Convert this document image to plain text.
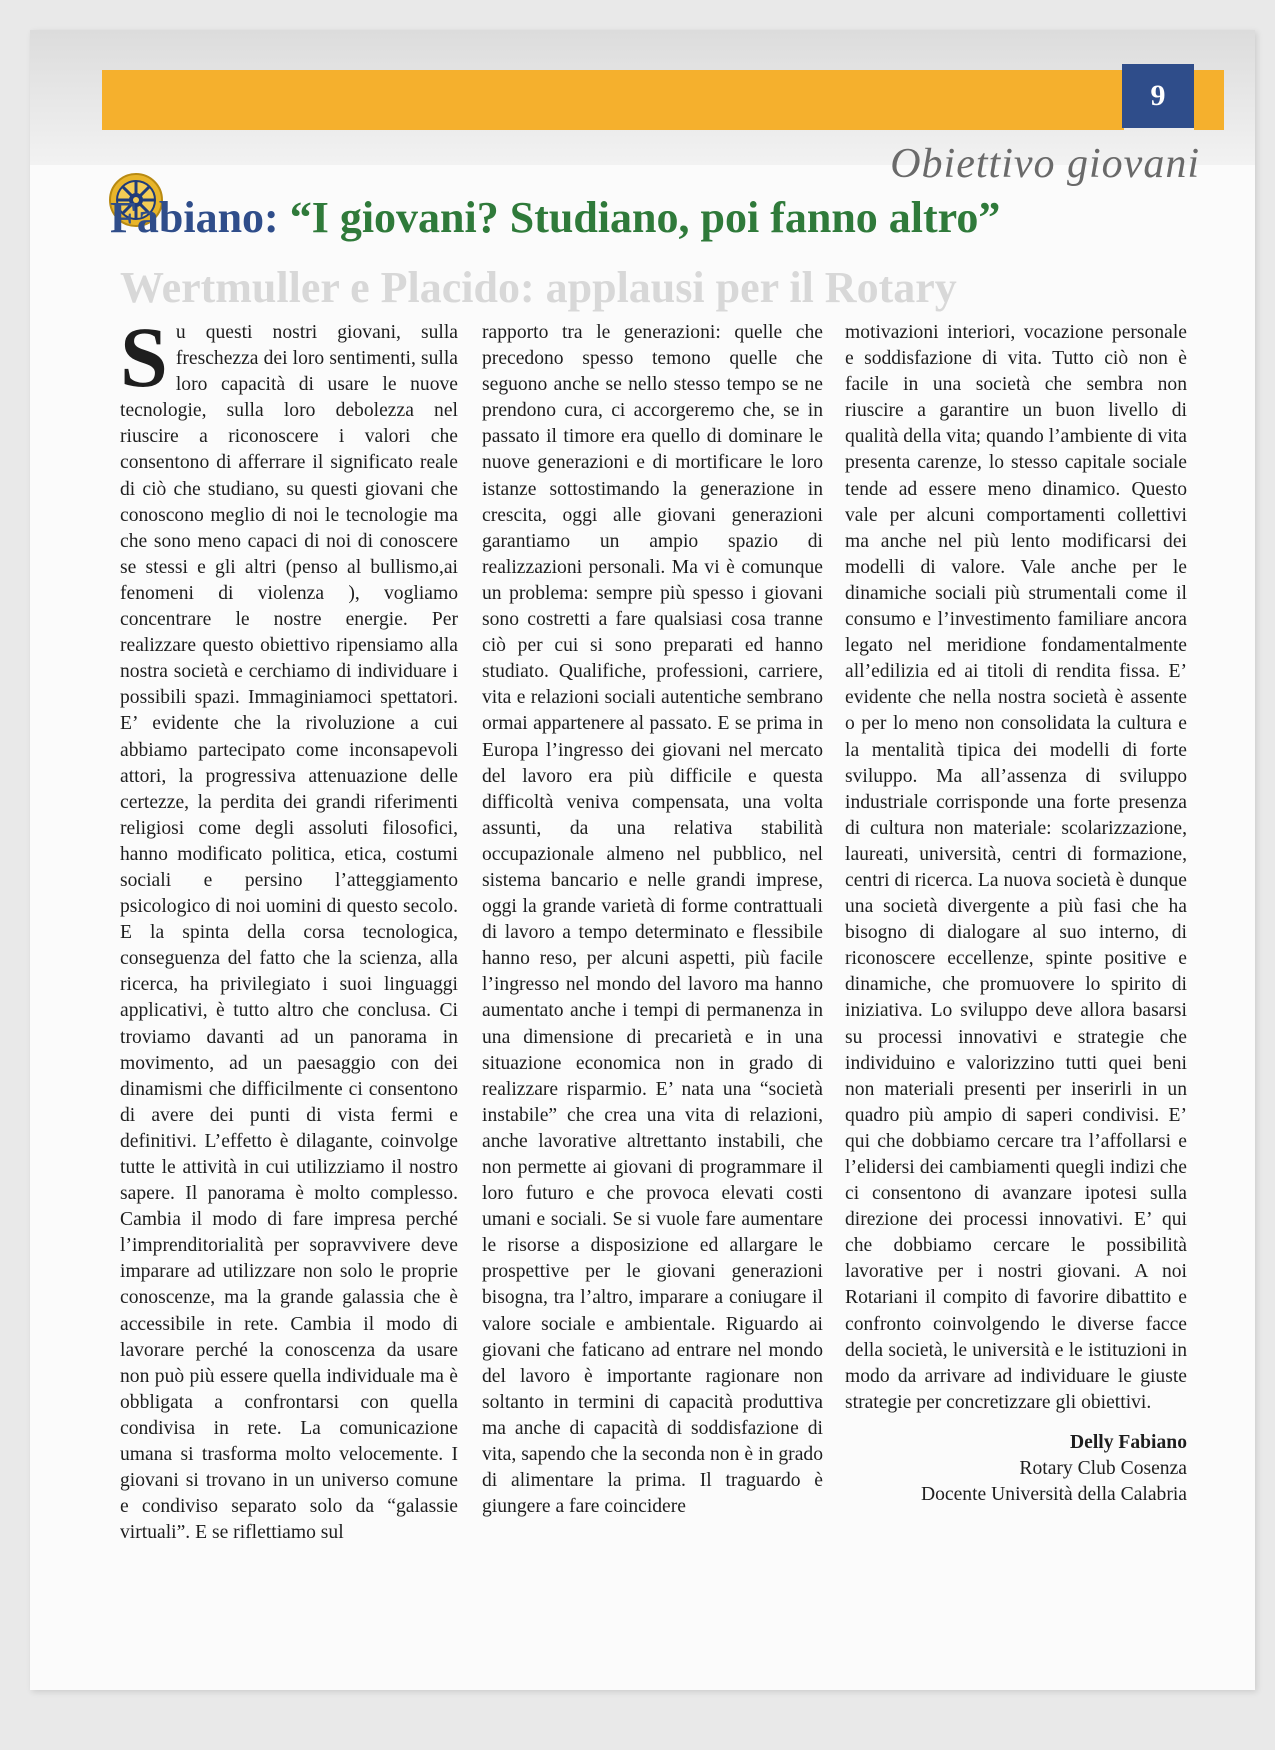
9
Obiettivo giovani
Wertmuller e Placido: applausi per il Rotary
Fabiano: “I giovani? Studiano, poi fanno altro”
Su questi nostri giovani, sulla freschezza dei loro sentimenti, sulla loro capacità di usare le nuove tecnologie, sulla loro debolezza nel riuscire a riconoscere i valori che consentono di afferrare il significato reale di ciò che studiano, su questi giovani che conoscono meglio di noi le tecnologie ma che sono meno capaci di noi di conoscere se stessi e gli altri (penso al bullismo,ai fenomeni di violenza ), vogliamo concentrare le nostre energie. Per realizzare questo obiettivo ripensiamo alla nostra società e cerchiamo di individuare i possibili spazi. Immaginiamoci spettatori. E’ evidente che la rivoluzione a cui abbiamo partecipato come inconsapevoli attori, la progressiva attenuazione delle certezze, la perdita dei grandi riferimenti religiosi come degli assoluti filosofici, hanno modificato politica, etica, costumi sociali e persino l’atteggiamento psicologico di noi uomini di questo secolo. E la spinta della corsa tecnologica, conseguenza del fatto che la scienza, alla ricerca, ha privilegiato i suoi linguaggi applicativi, è tutto altro che conclusa. Ci troviamo davanti ad un panorama in movimento, ad un paesaggio con dei dinamismi che difficilmente ci consentono di avere dei punti di vista fermi e definitivi. L’effetto è dilagante, coinvolge tutte le attività in cui utilizziamo il nostro sapere. Il panorama è molto complesso. Cambia il modo di fare impresa perché l’imprenditorialità per sopravvivere deve imparare ad utilizzare non solo le proprie conoscenze, ma la grande galassia che è accessibile in rete. Cambia il modo di lavorare perché la conoscenza da usare non può più essere quella individuale ma è obbligata a confrontarsi con quella condivisa in rete. La comunicazione umana si trasforma molto velocemente. I giovani si trovano in un universo comune e condiviso separato solo da “galassie virtuali”. E se riflettiamo sul
rapporto tra le generazioni: quelle che precedono spesso temono quelle che seguono anche se nello stesso tempo se ne prendono cura, ci accorgeremo che, se in passato il timore era quello di dominare le nuove generazioni e di mortificare le loro istanze sottostimando la generazione in crescita, oggi alle giovani generazioni garantiamo un ampio spazio di realizzazioni personali. Ma vi è comunque un problema: sempre più spesso i giovani sono costretti a fare qualsiasi cosa tranne ciò per cui si sono preparati ed hanno studiato. Qualifiche, professioni, carriere, vita e relazioni sociali autentiche sembrano ormai appartenere al passato. E se prima in Europa l’ingresso dei giovani nel mercato del lavoro era più difficile e questa difficoltà veniva compensata, una volta assunti, da una relativa stabilità occupazionale almeno nel pubblico, nel sistema bancario e nelle grandi imprese, oggi la grande varietà di forme contrattuali di lavoro a tempo determinato e flessibile hanno reso, per alcuni aspetti, più facile l’ingresso nel mondo del lavoro ma hanno aumentato anche i tempi di permanenza in una dimensione di precarietà e in una situazione economica non in grado di realizzare risparmio. E’ nata una “società instabile” che crea una vita di relazioni, anche lavorative altrettanto instabili, che non permette ai giovani di programmare il loro futuro e che provoca elevati costi umani e sociali. Se si vuole fare aumentare le risorse a disposizione ed allargare le prospettive per le giovani generazioni bisogna, tra l’altro, imparare a coniugare il valore sociale e ambientale. Riguardo ai giovani che faticano ad entrare nel mondo del lavoro è importante ragionare non soltanto in termini di capacità produttiva ma anche di capacità di soddisfazione di vita, sapendo che la seconda non è in grado di alimentare la prima. Il traguardo è giungere a fare coincidere
motivazioni interiori, vocazione personale e soddisfazione di vita. Tutto ciò non è facile in una società che sembra non riuscire a garantire un buon livello di qualità della vita; quando l’ambiente di vita presenta carenze, lo stesso capitale sociale tende ad essere meno dinamico. Questo vale per alcuni comportamenti collettivi ma anche nel più lento modificarsi dei modelli di valore. Vale anche per le dinamiche sociali più strumentali come il consumo e l’investimento familiare ancora legato nel meridione fondamentalmente all’edilizia ed ai titoli di rendita fissa. E’ evidente che nella nostra società è assente o per lo meno non consolidata la cultura e la mentalità tipica dei modelli di forte sviluppo. Ma all’assenza di sviluppo industriale corrisponde una forte presenza di cultura non materiale: scolarizzazione, laureati, università, centri di formazione, centri di ricerca. La nuova società è dunque una società divergente a più fasi che ha bisogno di dialogare al suo interno, di riconoscere eccellenze, spinte positive e dinamiche, che promuovere lo spirito di iniziativa. Lo sviluppo deve allora basarsi su processi innovativi e strategie che individuino e valorizzino tutti quei beni non materiali presenti per inserirli in un quadro più ampio di saperi condivisi. E’ qui che dobbiamo cercare tra l’affollarsi e l’elidersi dei cambiamenti quegli indizi che ci consentono di avanzare ipotesi sulla direzione dei processi innovativi. E’ qui che dobbiamo cercare le possibilità lavorative per i nostri giovani. A noi Rotariani il compito di favorire dibattito e confronto coinvolgendo le diverse facce della società, le università e le istituzioni in modo da arrivare ad individuare le giuste strategie per concretizzare gli obiettivi.
Delly Fabiano
Rotary Club Cosenza
Docente Università della Calabria
